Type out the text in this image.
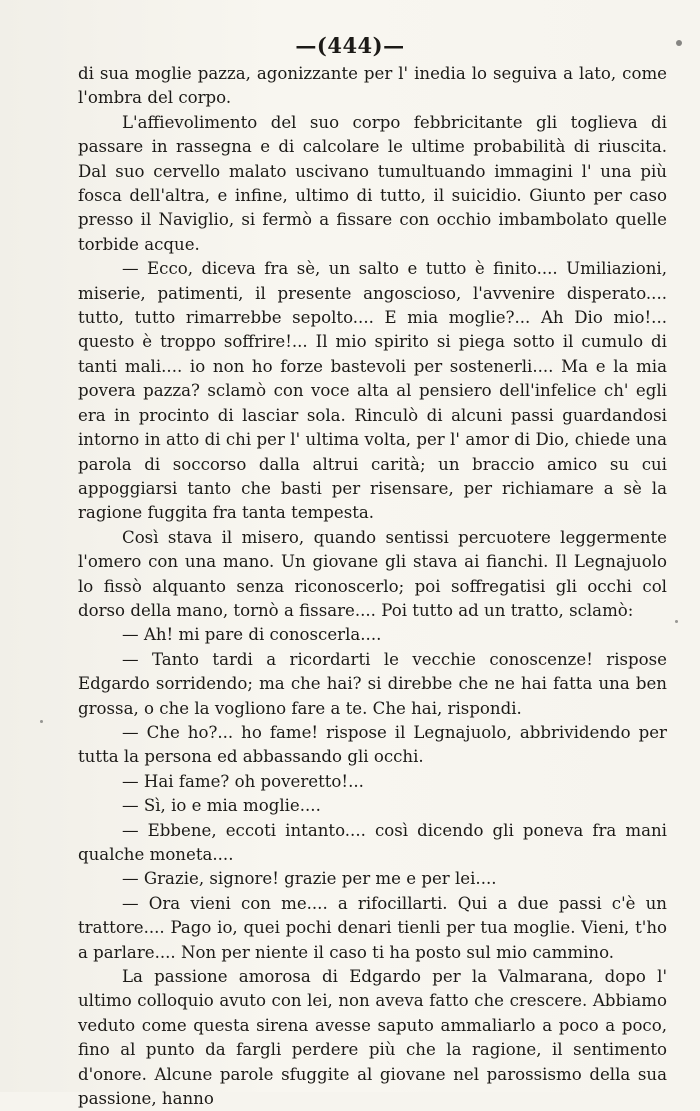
—(444)—

di sua moglie pazza, agonizzante per l' inedia lo seguiva a lato, come l'ombra del corpo.

L'affievolimento del suo corpo febbricitante gli toglieva di passare in rassegna e di calcolare le ultime probabilità di riuscita. Dal suo cervello malato uscivano tumultuando immagini l' una più fosca dell'altra, e infine, ultimo di tutto, il suicidio. Giunto per caso presso il Naviglio, si fermò a fissare con occhio imbambolato quelle torbide acque.

— Ecco, diceva fra sè, un salto e tutto è finito.... Umiliazioni, miserie, patimenti, il presente angoscioso, l'avvenire disperato.... tutto, tutto rimarrebbe sepolto.... E mia moglie?... Ah Dio mio!... questo è troppo soffrire!... Il mio spirito si piega sotto il cumulo di tanti mali.... io non ho forze bastevoli per sostenerli.... Ma e la mia povera pazza? sclamò con voce alta al pensiero dell'infelice ch' egli era in procinto di lasciar sola. Rinculò di alcuni passi guardandosi intorno in atto di chi per l' ultima volta, per l' amor di Dio, chiede una parola di soccorso dalla altrui carità; un braccio amico su cui appoggiarsi tanto che basti per risensare, per richiamare a sè la ragione fuggita fra tanta tempesta.

Così stava il misero, quando sentissi percuotere leggermente l'omero con una mano. Un giovane gli stava ai fianchi. Il Legnajuolo lo fissò alquanto senza riconoscerlo; poi soffregatisi gli occhi col dorso della mano, tornò a fissare.... Poi tutto ad un tratto, sclamò:

— Ah! mi pare di conoscerla....

— Tanto tardi a ricordarti le vecchie conoscenze! rispose Edgardo sorridendo; ma che hai? si direbbe che ne hai fatta una ben grossa, o che la vogliono fare a te. Che hai, rispondi.

— Che ho?... ho fame! rispose il Legnajuolo, abbrividendo per tutta la persona ed abbassando gli occhi.

— Hai fame? oh poveretto!...

— Sì, io e mia moglie....

— Ebbene, eccoti intanto.... così dicendo gli poneva fra mani qualche moneta....

— Grazie, signore! grazie per me e per lei....

— Ora vieni con me.... a rifocillarti. Qui a due passi c'è un trattore.... Pago io, quei pochi denari tienli per tua moglie. Vieni, t'ho a parlare.... Non per niente il caso ti ha posto sul mio cammino.

La passione amorosa di Edgardo per la Valmarana, dopo l' ultimo colloquio avuto con lei, non aveva fatto che crescere. Abbiamo veduto come questa sirena avesse saputo ammaliarlo a poco a poco, fino al punto da fargli perdere più che la ragione, il sentimento d'onore. Alcune parole sfuggite al giovane nel parossismo della sua passione, hanno
